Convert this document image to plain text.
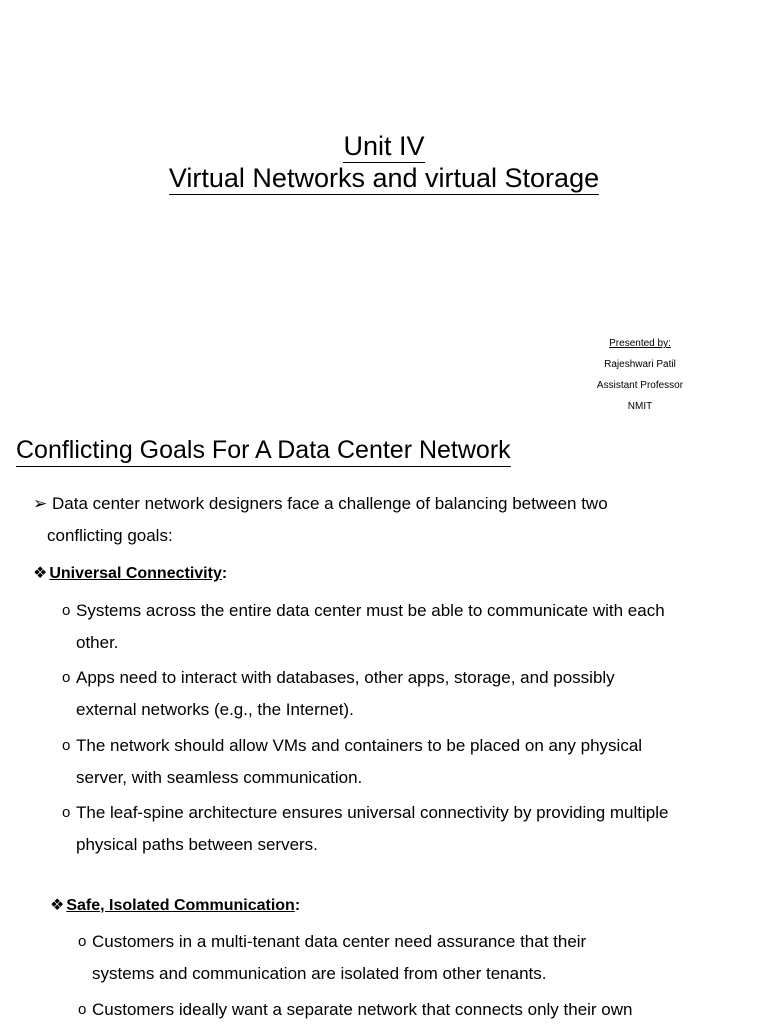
Unit IV
Virtual Networks and virtual Storage
Presented by:
Rajeshwari Patil
Assistant Professor
NMIT
Conflicting Goals For A Data Center Network
➢ Data center network designers face a challenge of balancing between two
conflicting goals:
❖ Universal Connectivity:
o Systems across the entire data center must be able to communicate with each
other.
o Apps need to interact with databases, other apps, storage, and possibly
external networks (e.g., the Internet).
o The network should allow VMs and containers to be placed on any physical
server, with seamless communication.
o The leaf-spine architecture ensures universal connectivity by providing multiple
physical paths between servers.
❖ Safe, Isolated Communication:
o Customers in a multi-tenant data center need assurance that their
systems and communication are isolated from other tenants.
o Customers ideally want a separate network that connects only their own
